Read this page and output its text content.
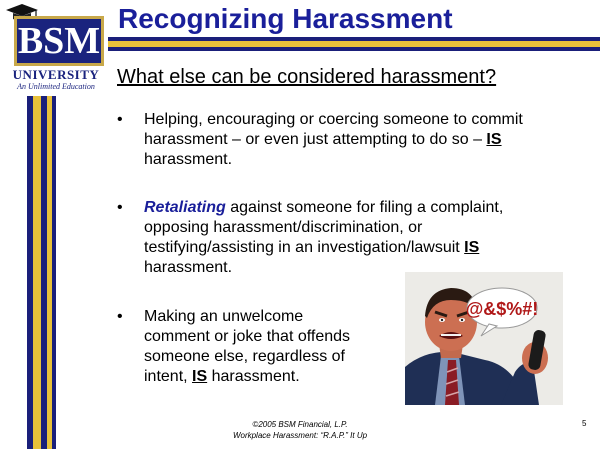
BSM
UNIVERSITY
An Unlimited Education
Recognizing Harassment
What else can be considered harassment?
• Helping, encouraging or coercing someone to commit
harassment – or even just attempting to do so – IS
harassment.
• Retaliating against someone for filing a complaint,
opposing harassment/discrimination, or
testifying/assisting in an investigation/lawsuit IS
harassment.
• Making an unwelcome
comment or joke that offends
someone else, regardless of
intent, IS harassment.
@&$%#!
©2005 BSM Financial, L.P.
Workplace Harassment: “R.A.P.” It Up
5
